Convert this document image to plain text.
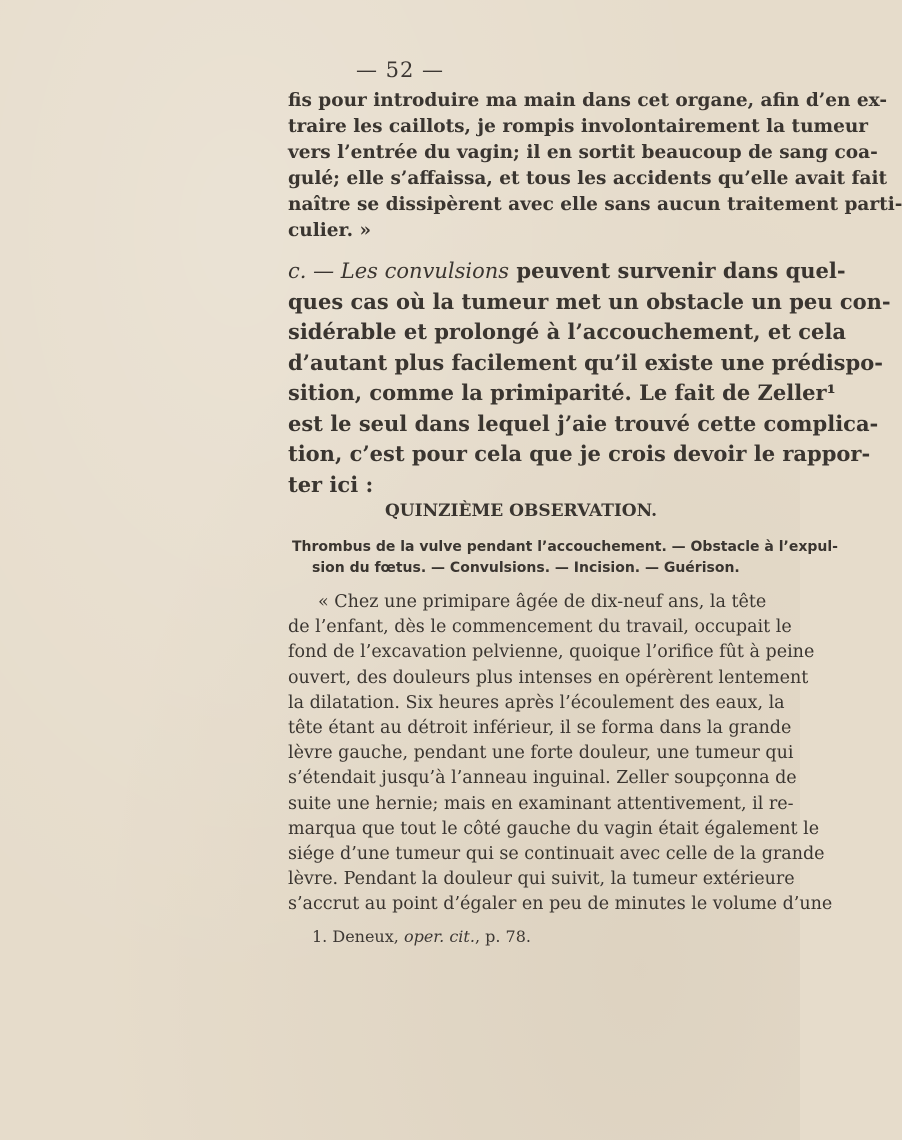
— 52 —

fis pour introduire ma main dans cet organe, afin d’en ex-
traire les caillots, je rompis involontairement la tumeur
vers l’entrée du vagin; il en sortit beaucoup de sang coa-
gulé; elle s’affaissa, et tous les accidents qu’elle avait fait
naître se dissipèrent avec elle sans aucun traitement parti-
culier. »

c. — Les convulsions peuvent survenir dans quel-
ques cas où la tumeur met un obstacle un peu con-
sidérable et prolongé à l’accouchement, et cela
d’autant plus facilement qu’il existe une prédispo-
sition, comme la primiparité. Le fait de Zeller¹
est le seul dans lequel j’aie trouvé cette complica-
tion, c’est pour cela que je crois devoir le rappor-
ter ici :

QUINZIÈME OBSERVATION.
Thrombus de la vulve pendant l’accouchement. — Obstacle à l’expul-
sion du fœtus. — Convulsions. — Incision. — Guérison.

« Chez une primipare âgée de dix-neuf ans, la tête
de l’enfant, dès le commencement du travail, occupait le
fond de l’excavation pelvienne, quoique l’orifice fût à peine
ouvert, des douleurs plus intenses en opérèrent lentement
la dilatation. Six heures après l’écoulement des eaux, la
tête étant au détroit inférieur, il se forma dans la grande
lèvre gauche, pendant une forte douleur, une tumeur qui
s’étendait jusqu’à l’anneau inguinal. Zeller soupçonna de
suite une hernie; mais en examinant attentivement, il re-
marqua que tout le côté gauche du vagin était également le
siége d’une tumeur qui se continuait avec celle de la grande
lèvre. Pendant la douleur qui suivit, la tumeur extérieure
s’accrut au point d’égaler en peu de minutes le volume d’une

1. Deneux, oper. cit., p. 78.
